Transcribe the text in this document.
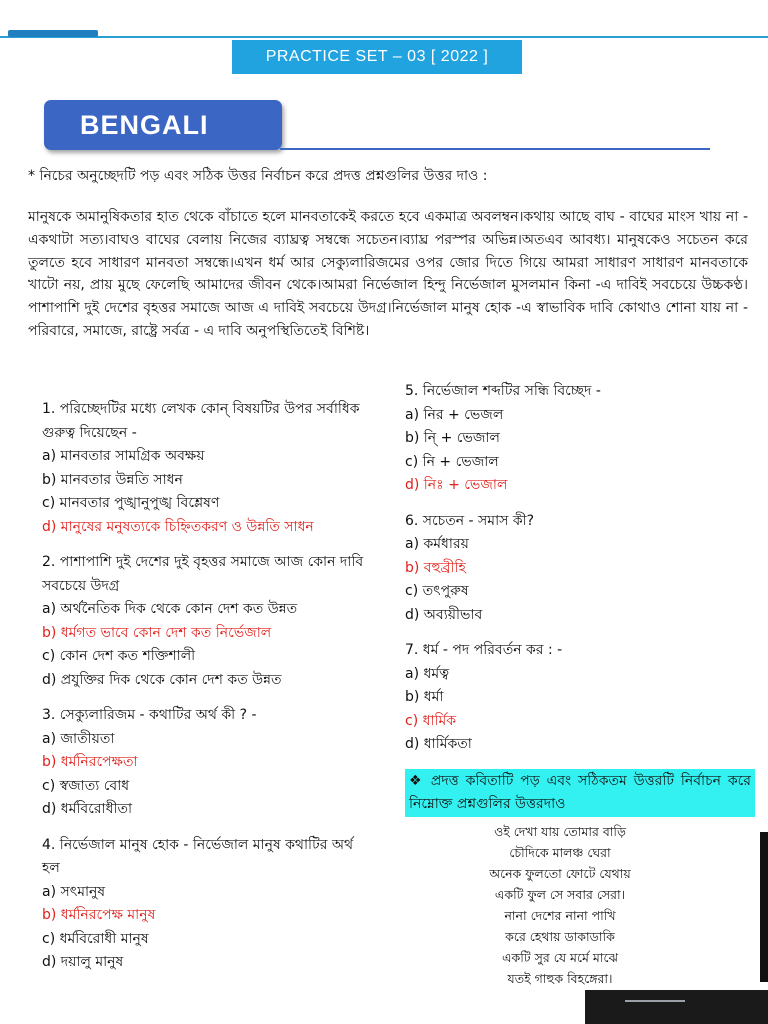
PRACTICE SET – 03 [ 2022 ]
BENGALI
* নিচের অনুচ্ছেদটি পড় এবং সঠিক উত্তর নির্বাচন করে প্রদত্ত প্রশ্নগুলির উত্তর দাও :
মানুষকে অমানুষিকতার হাত থেকে বাঁচাতে হলে মানবতাকেই করতে হবে একমাত্র অবলম্বন।কথায় আছে বাঘ - বাঘের মাংস খায় না - একথাটা সত্য।বাঘও বাঘের বেলায় নিজের ব্যাঘ্রত্ব সম্বন্ধে সচেতন।ব্যাঘ্র পরস্পর অভিন্ন।অতএব আবধ্য। মানুষকেও সচেতন করে তুলতে হবে সাধারণ মানবতা সম্বন্ধে।এখন ধর্ম আর সেক্যুলারিজমের ওপর জোর দিতে গিয়ে আমরা সাধারণ সাধারণ মানবতাকে খাটো নয়, প্রায় মুছে ফেলেছি আমাদের জীবন থেকে।আমরা নির্ভেজাল হিন্দু নির্ভেজাল মুসলমান কিনা -এ দাবিই সবচেয়ে উচ্চকণ্ঠ।পাশাপাশি দুই দেশের বৃহত্তর সমাজে আজ এ দাবিই সবচেয়ে উদগ্র।নির্ভেজাল মানুষ হোক -এ স্বাভাবিক দাবি কোথাও শোনা যায় না - পরিবারে, সমাজে, রাষ্ট্রে সর্বত্র - এ দাবি অনুপস্থিতিতেই বিশিষ্ট।
1. পরিচ্ছেদটির মধ্যে লেখক কোন্ বিষয়টির উপর সর্বাধিক গুরুত্ব দিয়েছেন -
a) মানবতার সামগ্রিক অবক্ষয়
b) মানবতার উন্নতি সাধন
c) মানবতার পুঙ্খানুপুঙ্খ বিশ্লেষণ
d) মানুষের মনুষত্যকে চিহ্নিতকরণ ও উন্নতি সাধন
2. পাশাপাশি দুই দেশের দুই বৃহত্তর সমাজে আজ কোন দাবি সবচেয়ে উদগ্র
a) অর্থনৈতিক দিক থেকে কোন দেশ কত উন্নত
b) ধর্মগত ভাবে কোন দেশ কত নির্ভেজাল
c) কোন দেশ কত শক্তিশালী
d) প্রযুক্তির দিক থেকে কোন দেশ কত উন্নত
3. সেক্যুলারিজম - কথাটির অর্থ কী ? -
a) জাতীয়তা
b) ধর্মনিরপেক্ষতা
c) স্বজাত্য বোধ
d) ধর্মবিরোধীতা
4. নির্ভেজাল মানুষ হোক - নির্ভেজাল মানুষ কথাটির অর্থ হল
a) সৎমানুষ
b) ধর্মনিরপেক্ষ মানুষ
c) ধর্মবিরোধী মানুষ
d) দয়ালু মানুষ
5. নির্ভেজাল শব্দটির সন্ধি বিচ্ছেদ -
a) নির + ভেজল
b) নি্ + ভেজাল
c) নি + ভেজাল
d) নিঃ + ভেজাল
6. সচেতন - সমাস কী?
a) কর্মধারয়
b) বহুব্রীহি
c) তৎপুরুষ
d) অব্যয়ীভাব
7. ধর্ম - পদ পরিবর্তন কর : -
a) ধর্মত্ব
b) ধর্মা
c) ধার্মিক
d) ধার্মিকতা
❖ প্রদত্ত কবিতাটি পড় এবং সঠিকতম উত্তরটি নির্বাচন করে নিম্নোক্ত প্রশ্নগুলির উত্তরদাও
ওই দেখা যায় তোমার বাড়ি
চৌদিকে মালঞ্চ ঘেরা
অনেক ফুলতো ফোটে যেথায়
একটি ফুল সে সবার সেরা।
নানা দেশের নানা পাখি
করে হেথায় ডাকাডাকি
একটি সুর যে মর্মে মাঝে
যতই গাহুক বিহঙ্গেরা।
